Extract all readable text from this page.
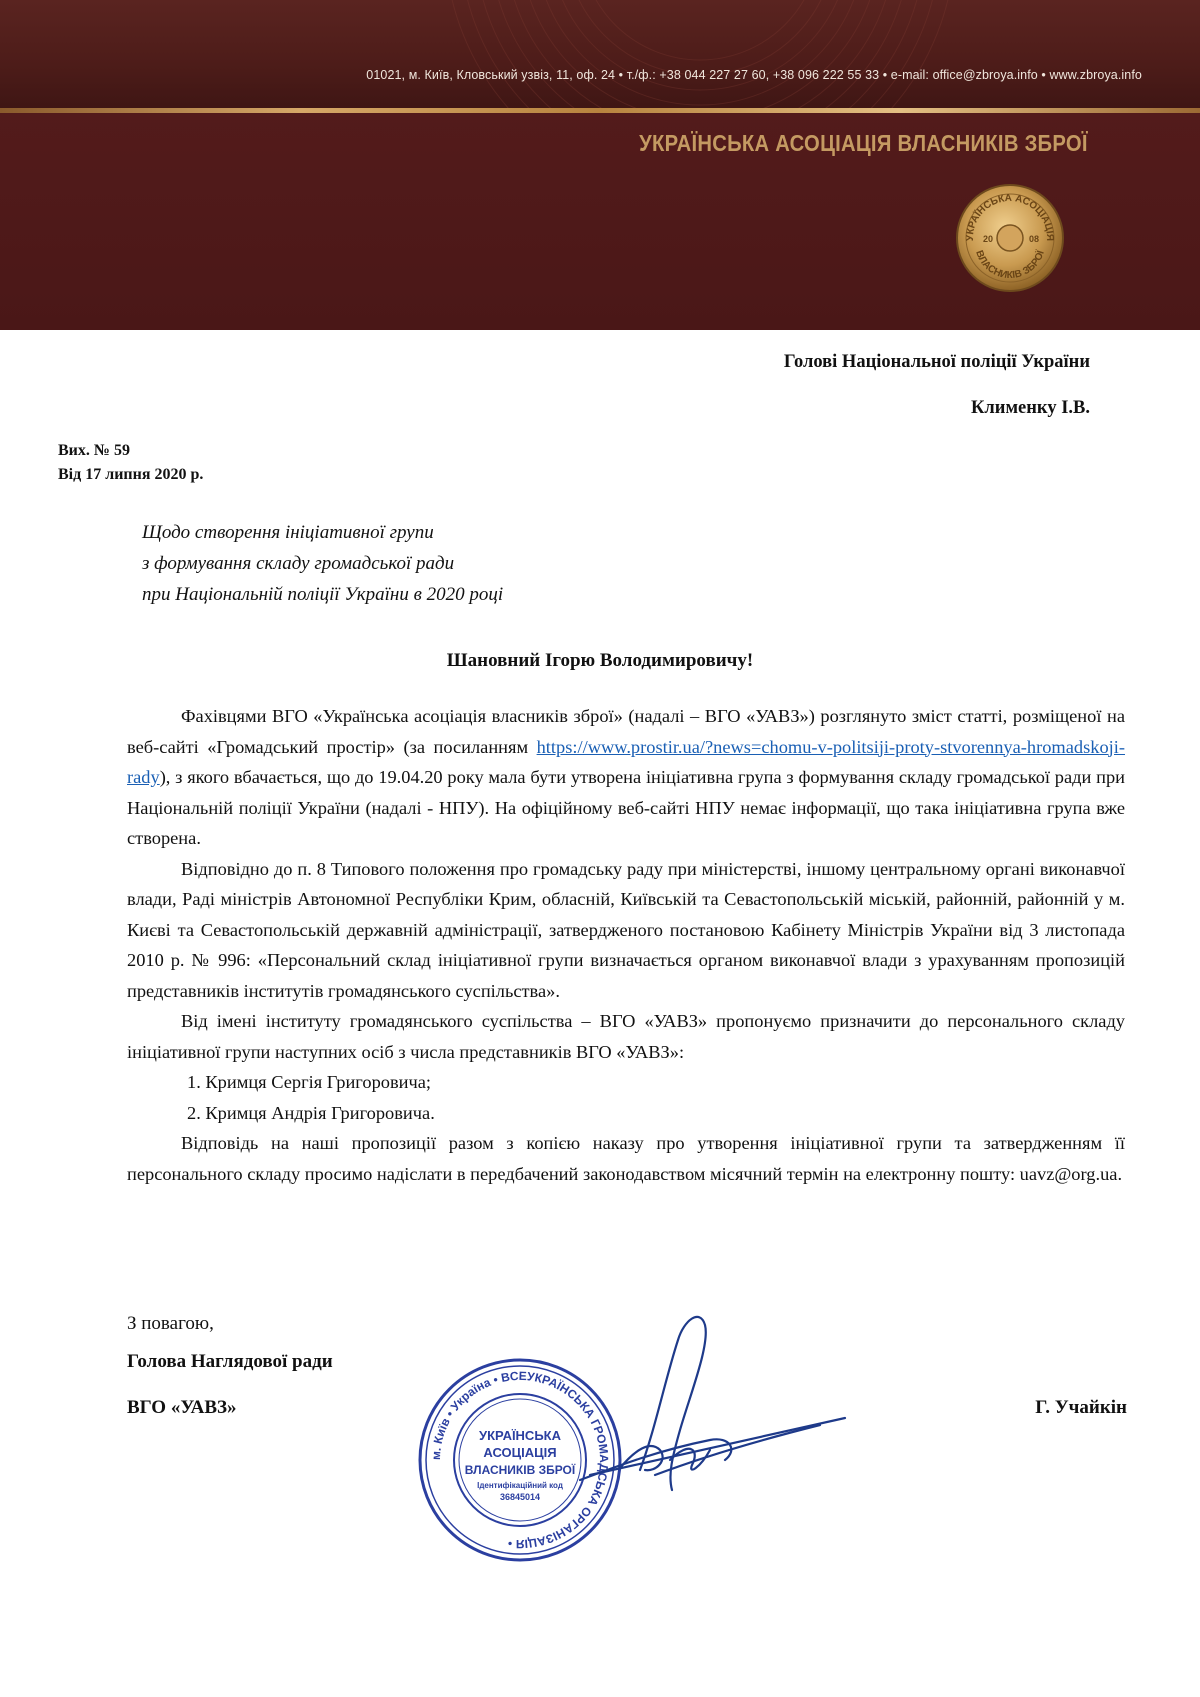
01021, м. Київ, Кловський узвіз, 11, оф. 24 • т./ф.: +38 044 227 27 60, +38 096 222 55 33 • e-mail: office@zbroya.info • www.zbroya.info
УКРАЇНСЬКА АСОЦІАЦІЯ ВЛАСНИКІВ ЗБРОЇ
УКРАЇНСЬКА АСОЦІАЦІЯ
ВЛАСНИКІВ ЗБРОЇ
20	08
Голові Національної поліції України
Клименку І.В.
Вих. № 59
Від 17 липня 2020 р.
Щодо створення ініціативної групи
з формування складу громадської ради
при Національній поліції України в 2020 році
Шановний Ігорю Володимировичу!

Фахівцями ВГО «Українська асоціація власників зброї» (надалі – ВГО «УАВЗ») розглянуто зміст статті, розміщеної на веб-сайті «Громадський простір» (за посиланням https://www.prostir.ua/?news=chomu-v-politsiji-proty-stvorennya-hromadskoji-rady), з якого вбачається, що до 19.04.20 року мала бути утворена ініціативна група з формування складу громадської ради при Національній поліції України (надалі - НПУ). На офіційному веб-сайті НПУ немає інформації, що така ініціативна група вже створена.

Відповідно до п. 8 Типового положення про громадську раду при міністерстві, іншому центральному органі виконавчої влади, Раді міністрів Автономної Республіки Крим, обласній, Київській та Севастопольській міській, районній, районній у м. Києві та Севастопольській державній адміністрації, затвердженого постановою Кабінету Міністрів України від 3 листопада 2010 р. № 996: «Персональний склад ініціативної групи визначається органом виконавчої влади з урахуванням пропозицій представників інститутів громадянського суспільства».

Від імені інституту громадянського суспільства – ВГО «УАВЗ» пропонуємо призначити до персонального складу ініціативної групи наступних осіб з числа представників ВГО «УАВЗ»:

1. Кримця Сергія Григоровича;

2. Кримця Андрія Григоровича.

Відповідь на наші пропозиції разом з копією наказу про утворення ініціативної групи та затвердженням її персонального складу просимо надіслати в передбачений законодавством місячний термін на електронну пошту: uavz@org.ua.

З повагою,
Голова Наглядової ради
ВГО «УАВЗ»	Г. Учайкін
м. Київ • Україна • ВСЕУКРАЇНСЬКА ГРОМАДСЬКА ОРГАНІЗАЦІЯ •
УКРАЇНСЬКА
АСОЦІАЦІЯ
ВЛАСНИКІВ ЗБРОЇ
Ідентифікаційний код
36845014
